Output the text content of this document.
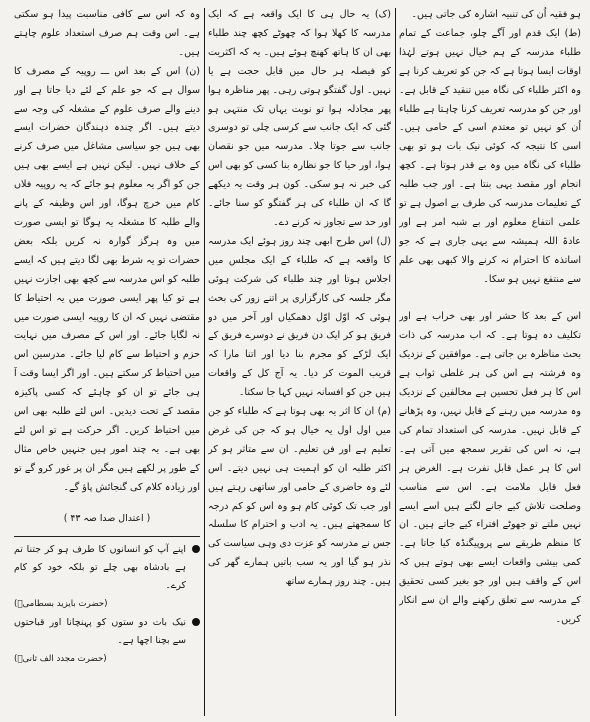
ہو فقیہ اُن کی تنبیہ اشارہ کی جاتی ہیں۔

(ط) ایک قدم اور آگے چلو، جماعت کے تمام طلباء مدرسہ کے ہم خیال نہیں ہوتے لہٰذا اوقات ایسا ہوتا ہے کہ جن کو تعریف کرنا ہے وہ اکثر طلباء کی نگاہ میں تنقید کے قابل ہے۔ اور جن کو مدرسہ تعریف کرنا چاہتا ہے طلباء اُن کو نہیں تو معتدم اسی کے حامی ہیں۔ اسی کا نتیجہ کہ کوئی نیک بات ہو تو بھی طلباء کی نگاہ میں وہ بے قدر ہوتا ہے۔ کچھ انجام اور مقصد یہی بنتا ہے۔ اور جب طلبہ کے تعلیمات مدرسہ کی طرف بے اصول ہے تو علمی انتفاع معلوم اور بے شبہ امر ہے اور عادۃ اللہ ہمیشہ سے یہی جاری ہے کہ جو اساتذہ کا احترام نہ کرنے والا کبھی بھی علم سے منتفع نہیں ہو سکا۔

اس کے بعد کا حشر اور بھی خراب ہے اور تکلیف دہ ہوتا ہے۔ کہ اب مدرسہ کی ذات بحث مناظرہ بن جاتی ہے۔ موافقین کے نزدیک وہ فرشتہ ہے اس کی ہر غلطی ثواب ہے اس کا ہر فعل تحسین ہے مخالفین کے نزدیک وہ مدرسہ میں رہنے کے قابل نہیں، وہ پڑھانے کے قابل نہیں۔ مدرسہ کی استعداد تمام کی ہے، نہ اس کی تقریر سمجھ میں آتی ہے۔ اس کا ہر عمل قابل نفرت ہے۔ الغرض ہر فعل قابل ملامت ہے۔ اس سے مناسب وصلحت تلاش کیے جانے لگتے ہیں اسے ایسے نہیں ملتے تو جھوٹے افتراء کیے جاتے ہیں۔ ان کا منظم طریقے سے پروپیگنڈہ کیا جاتا ہے۔ کمی بیشی واقعات ایسے بھی ہوتے ہیں کہ اس کے واقف ہیں اور جو بغیر کسی تحقیق کے مدرسہ سے تعلق رکھنے والے ان سے انکار کریں۔

(ک) یہ حال ہی کا ایک واقعہ ہے کہ ایک مدرسہ کا کھلا ہوا کہ چھوٹے کچھ چند طلباء بھی ان کا ہاتھ کھنچ ہوئے ہیں۔ یہ کہ اکثریت کو فیصلہ ہر حال میں قابل حجت ہے یا نہیں۔ اول گفتگو ہوتی رہی۔ پھر مناظرہ ہوا پھر مجادلہ ہوا تو نوبت یہاں تک منتہی ہو گئی کہ ایک جانب سے کرسی چلی تو دوسری جانب سے جوتا چلا۔ مدرسہ میں جو نقصان ہوا، اور حیا کا جو نظارہ بنا کسی کو بھی اس کی خبر نہ ہو سکی۔ کون ہر وقت یہ دیکھے گا کہ ان طلباء کی ہر گفتگو کو سنا جائے۔ اور حد سے تجاوز نہ کرنے دے۔

(ل) اس طرح ابھی چند روز ہوئے ایک مدرسہ کا واقعہ ہے کہ طلباء کے ایک مجلس میں اجلاس ہوتا اور چند طلباء کی شرکت ہوئی مگر جلسہ کی کارگزاری پر اتنے زور کی بحث ہوئی کہ اوّل اوّل دھمکیاں اور آخر میں دو فریق ہو کر ایک دن فریق نے دوسرے فریق کے ایک لڑکے کو مجرم بنا دیا اور اتنا مارا کہ قریب الموت کر دیا۔ یہ آج کل کے واقعات ہیں جن کو افسانہ نہیں کہا جا سکتا۔

(م) ان کا اثر یہ بھی ہوتا ہے کہ طلباء کو جن میں اول اول یہ خیال ہو کہ جن کی غرض تعلیم ہے اور فن تعلیم۔ ان سے متاثر ہو کر اکثر طلبہ ان کو اہمیت ہی نہیں دیتے۔ اس لئے وہ حاضری کے حامی اور ساتھی رہتے ہیں اور جب تک کوئی کام ہو وہ اس کو کم درجہ کا سمجھتے ہیں۔ یہ ادب و احترام کا سلسلہ جس نے مدرسہ کو عزت دی وہی سیاست کی نذر ہو گیا اور یہ سب باتیں ہمارے گھر کی ہیں۔ چند روز ہمارے ساتھ

وہ کہ اس سے کافی مناسبت پیدا ہو سکتی ہے۔ اس وقت ہم صرف استعداد علوم چاہتے ہیں۔

(ن) اس کے بعد اس ـــ روپیہ کے مصرف کا سوال ہے کہ جو علم کے لئے دیا جاتا ہے اور دینے والے صرف علوم کے مشغلہ کی وجہ سے دیتے ہیں۔ اگر چندہ دہندگان حضرات ایسے بھی ہیں جو سیاسی مشاغل میں صرف کرنے کے خلاف نہیں۔ لیکن نہیں ہے ایسے بھی ہیں جن کو اگر یہ معلوم ہو جائے کہ یہ روپیہ فلاں کام میں خرچ ہوگا، اور اس وظیفہ کے پانے والے طلبہ کا مشغلہ یہ ہوگا تو ایسی صورت میں وہ ہرگز گوارہ نہ کریں بلکہ بعض حضرات تو یہ شرط بھی لگا دیتے ہیں کہ ایسے طلبہ کو اس مدرسہ سے کچھ بھی اجازت نہیں ہے تو کیا پھر ایسی صورت میں یہ احتیاط کا مقتضی نہیں کہ ان کا روپیہ ایسی صورت میں نہ لگایا جائے۔ اور اس کے مصرف میں نہایت حزم و احتیاط سے کام لیا جائے۔ مدرسین اس میں احتیاط کر سکتے ہیں۔ اور اگر ایسا وقت آ ہی جائے تو ان کو چاہئے کہ کسی پاکیزہ مقصد کے تحت دیدیں۔ اس لئے طلبہ بھی اس میں احتیاط کریں۔ اگر حرکت ہے تو اس لئے بھی ہے۔ یہ چند امور ہیں جنہیں خاص مثال کے طور پر لکھے ہیں مگر ان پر غور کرو گے تو اور زیادہ کلام کی گنجائش پاؤ گے۔

( اعتدال صدا صہ ۴۳ )

اپنے آپ کو انسانوں کا طرف ہو کر جتنا تم ہے بادشاہ بھی چلے تو بلکہ خود کو کام کرے۔

(حضرت بایزید بسطامیؒ)

نیک بات دو ستوں کو پہنچانا اور قباحتوں سے بچنا اچھا ہے۔

(حضرت مجدد الف ثانیؒ)
